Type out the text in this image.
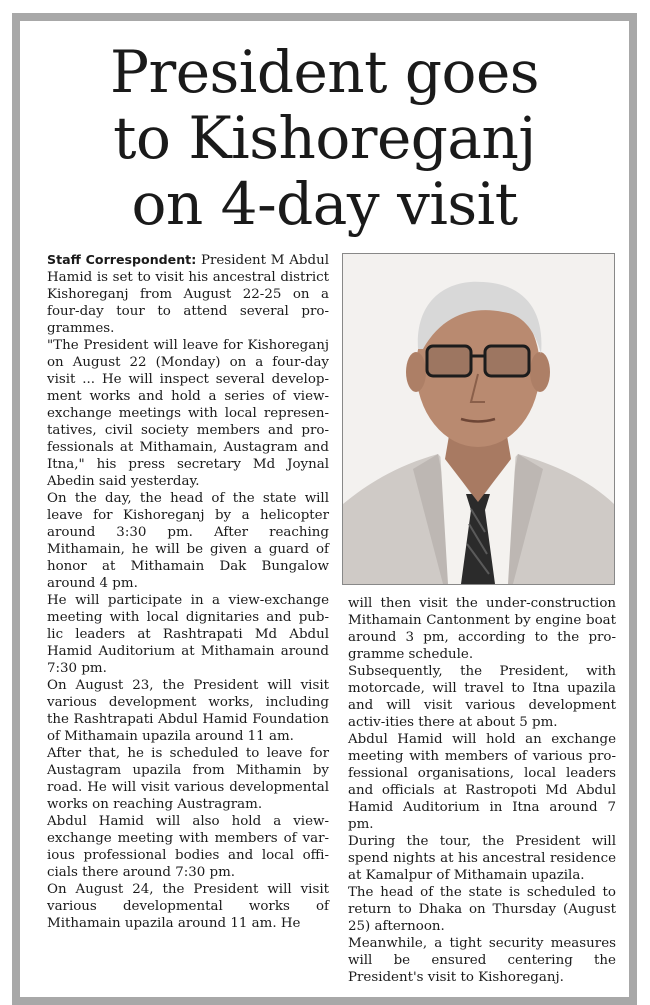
President goes
to Kishoreganj
on 4-day visit

Staff Correspondent: President M Abdul Hamid is set to visit his ancestral district Kishoreganj from August 22-25 on a four-day tour to attend several pro- grammes.

"The President will leave for Kishoreganj on August 22 (Monday) on a four-day visit ... He will inspect several develop-ment works and hold a series of view-exchange meetings with local represen-tatives, civil society members and pro-fessionals at Mithamain, Austagram and Itna," his press secretary Md Joynal Abedin said yesterday.

On the day, the head of the state will leave for Kishoreganj by a helicopter around 3:30 pm. After reaching Mithamain, he will be given a guard of honor at Mithamain Dak Bungalow around 4 pm.

He will participate in a view-exchange meeting with local dignitaries and pub-lic leaders at Rashtrapati Md Abdul Hamid Auditorium at Mithamain around 7:30 pm.

On August 23, the President will visit various development works, including the Rashtrapati Abdul Hamid Foundation of Mithamain upazila around 11 am.

After that, he is scheduled to leave for Austagram upazila from Mithamin by road. He will visit various developmental works on reaching Austragram.

Abdul Hamid will also hold a view-exchange meeting with members of var-ious professional bodies and local offi-cials there around 7:30 pm.

On August 24, the President will visit various developmental works of Mithamain upazila around 11 am. He

will then visit the under-construction Mithamain Cantonment by engine boat around 3 pm, according to the pro-gramme schedule.

Subsequently, the President, with motorcade, will travel to Itna upazila and will visit various development activ-ities there at about 5 pm.

Abdul Hamid will hold an exchange meeting with members of various pro-fessional organisations, local leaders and officials at Rastropoti Md Abdul Hamid Auditorium in Itna around 7 pm.

During the tour, the President will spend nights at his ancestral residence at Kamalpur of Mithamain upazila.

The head of the state is scheduled to return to Dhaka on Thursday (August 25) afternoon.

Meanwhile, a tight security measures will be ensured centering the President's visit to Kishoreganj.
